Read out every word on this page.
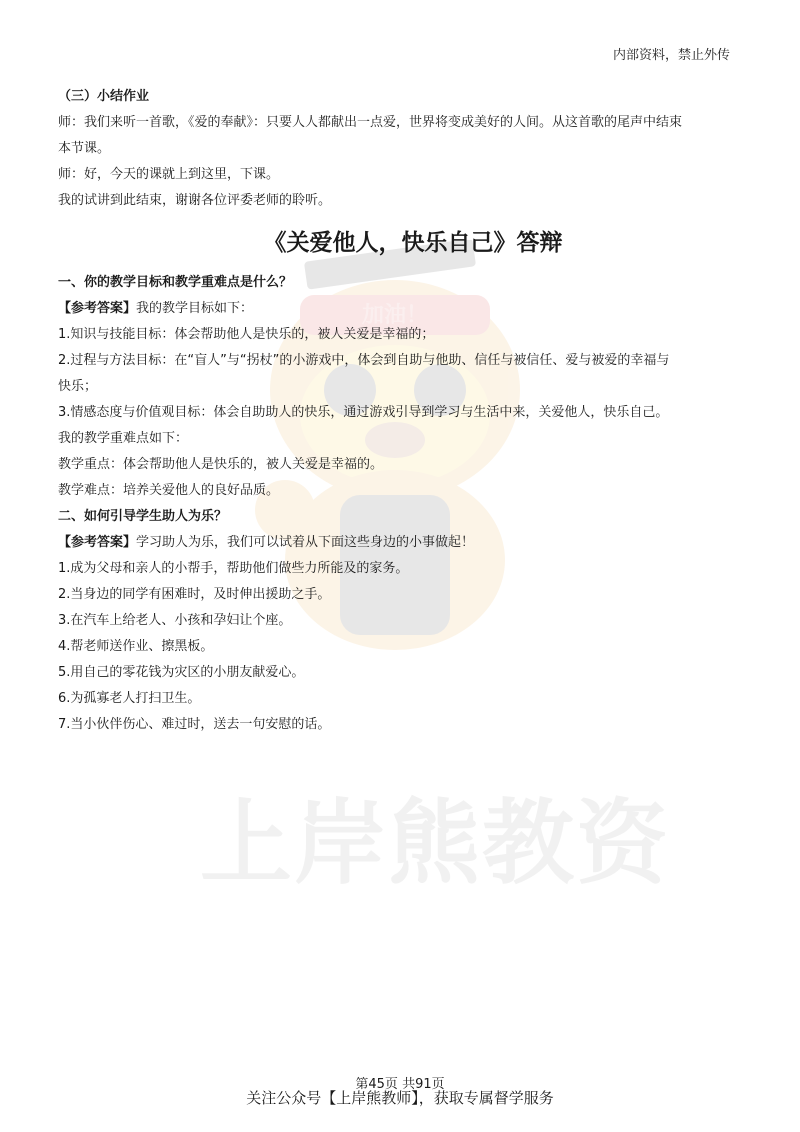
加油！
上岸熊教资
内部资料，禁止外传

（三）小结作业

师：我们来听一首歌，《爱的奉献》：只要人人都献出一点爱，世界将变成美好的人间。从这首歌的尾声中结束

本节课。

师：好，今天的课就上到这里，下课。

我的试讲到此结束，谢谢各位评委老师的聆听。

《关爱他人，快乐自己》答辩

一、你的教学目标和教学重难点是什么？

【参考答案】我的教学目标如下：

1.知识与技能目标：体会帮助他人是快乐的，被人关爱是幸福的；

2.过程与方法目标：在“盲人”与“拐杖”的小游戏中，体会到自助与他助、信任与被信任、爱与被爱的幸福与

快乐；

3.情感态度与价值观目标：体会自助助人的快乐，通过游戏引导到学习与生活中来，关爱他人，快乐自己。

我的教学重难点如下：

教学重点：体会帮助他人是快乐的，被人关爱是幸福的。

教学难点：培养关爱他人的良好品质。

二、如何引导学生助人为乐？

【参考答案】学习助人为乐，我们可以试着从下面这些身边的小事做起！

1.成为父母和亲人的小帮手，帮助他们做些力所能及的家务。

2.当身边的同学有困难时，及时伸出援助之手。

3.在汽车上给老人、小孩和孕妇让个座。

4.帮老师送作业、擦黑板。

5.用自己的零花钱为灾区的小朋友献爱心。

6.为孤寡老人打扫卫生。

7.当小伙伴伤心、难过时，送去一句安慰的话。

第45页 共91页
关注公众号【上岸熊教师】，获取专属督学服务
